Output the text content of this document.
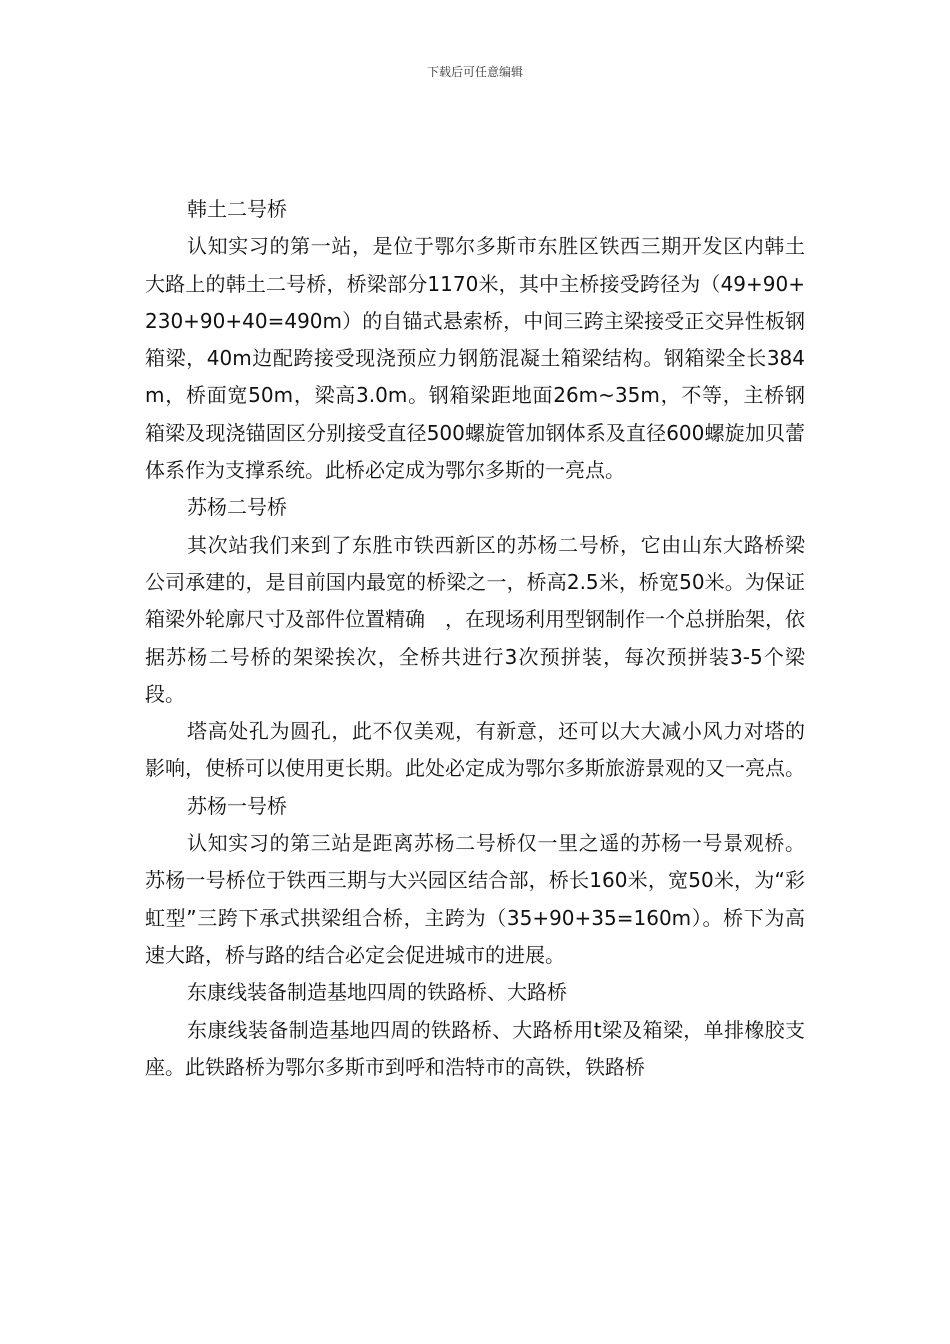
下载后可任意编辑

韩土二号桥

认知实习的第一站，是位于鄂尔多斯市东胜区铁西三期开发区内韩土大路上的韩土二号桥，桥梁部分1170米，其中主桥接受跨径为（49+90+230+90+40=490m）的自锚式悬索桥，中间三跨主梁接受正交异性板钢箱梁，40m边配跨接受现浇预应力钢筋混凝土箱梁结构。钢箱梁全长384m，桥面宽50m，梁高3.0m。钢箱梁距地面26m~35m，不等，主桥钢箱梁及现浇锚固区分别接受直径500螺旋管加钢体系及直径600螺旋加贝蕾体系作为支撑系统。此桥必定成为鄂尔多斯的一亮点。

苏杨二号桥

其次站我们来到了东胜市铁西新区的苏杨二号桥，它由山东大路桥梁公司承建的，是目前国内最宽的桥梁之一，桥高2.5米，桥宽50米。为保证箱梁外轮廓尺寸及部件位置精确　，在现场利用型钢制作一个总拼胎架，依据苏杨二号桥的架梁挨次，全桥共进行3次预拼装，每次预拼装3-5个梁段。

塔高处孔为圆孔，此不仅美观，有新意，还可以大大减小风力对塔的影响，使桥可以使用更长期。此处必定成为鄂尔多斯旅游景观的又一亮点。

苏杨一号桥

认知实习的第三站是距离苏杨二号桥仅一里之遥的苏杨一号景观桥。苏杨一号桥位于铁西三期与大兴园区结合部，桥长160米，宽50米，为“彩虹型”三跨下承式拱梁组合桥，主跨为（35+90+35=160m）。桥下为高速大路，桥与路的结合必定会促进城市的进展。

东康线装备制造基地四周的铁路桥、大路桥

东康线装备制造基地四周的铁路桥、大路桥用t梁及箱梁，单排橡胶支座。此铁路桥为鄂尔多斯市到呼和浩特市的高铁，铁路桥
